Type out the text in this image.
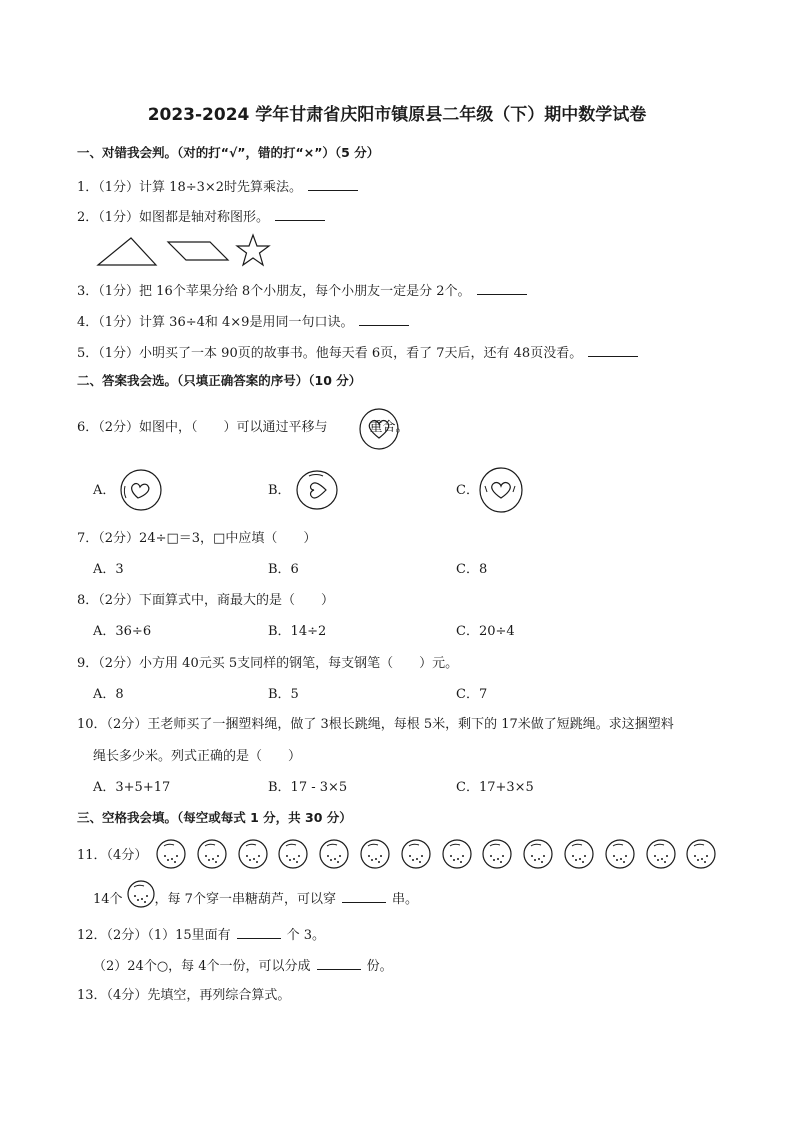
2023-2024 学年甘肃省庆阳市镇原县二年级（下）期中数学试卷
一、对错我会判。（对的打“√”，错的打“×”）（5 分）
1．（1分）计算 18÷3×2时先算乘法。
2．（1分）如图都是轴对称图形。
3．（1分）把 16个苹果分给 8个小朋友，每个小朋友一定是分 2个。
4．（1分）计算 36÷4和 4×9是用同一句口诀。
5．（1分）小明买了一本 90页的故事书。他每天看 6页，看了 7天后，还有 48页没看。
二、答案我会选。（只填正确答案的序号）（10 分）
6．（2分）如图中，（　　）可以通过平移与	重合。
A．	B．	C．
7．（2分）24÷□＝3，□中应填（　　）
A．3	B．6	C．8
8．（2分）下面算式中，商最大的是（　　）
A．36÷6	B．14÷2	C．20÷4
9．（2分）小方用 40元买 5支同样的钢笔，每支钢笔（　　）元。
A．8	B．5	C．7
10．（2分）王老师买了一捆塑料绳，做了 3根长跳绳，每根 5米，剩下的 17米做了短跳绳。求这捆塑料
绳长多少米。列式正确的是（　　）
A．3+5+17	B．17 - 3×5	C．17+3×5
三、空格我会填。（每空或每式 1 分，共 30 分）
11．（4分）
14个 ，每 7个穿一串糖葫芦，可以穿	串。
12．（2分）（1）15里面有	个 3。
（2）24个○，每 4个一份，可以分成	份。
13．（4分）先填空，再列综合算式。
